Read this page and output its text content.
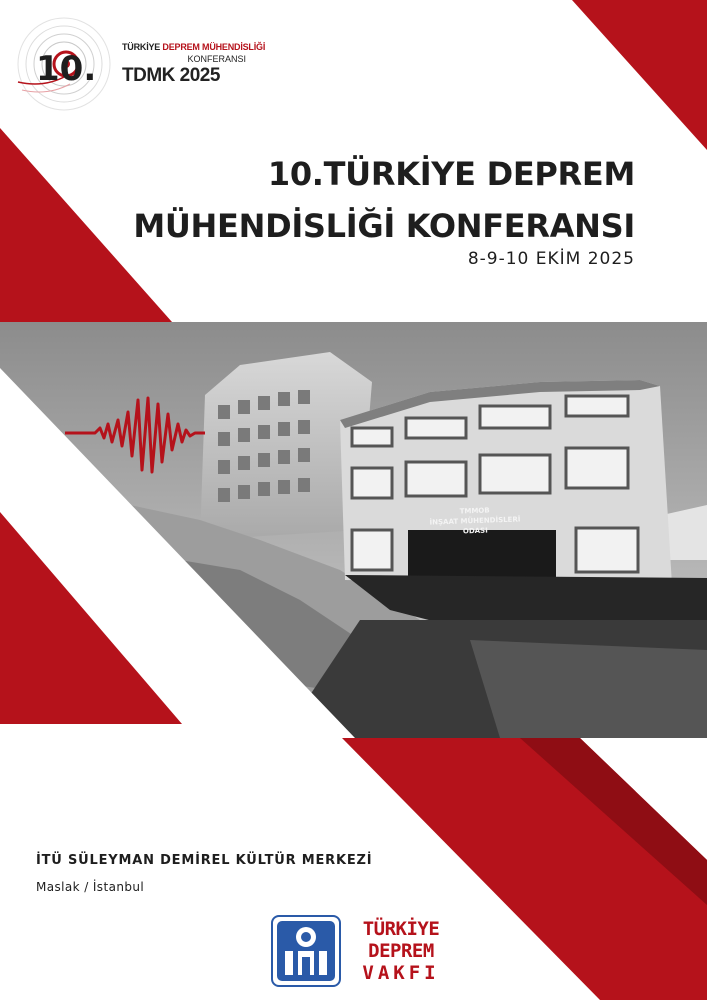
TMMOB
İNŞAAT MÜHENDİSLERİ ODASI
10.
TÜRKİYE DEPREM MÜHENDİSLİĞİ
KONFERANSI
TDMK 2025
10.TÜRKİYE DEPREM
MÜHENDİSLİĞİ KONFERANSI
8-9-10 EKİM 2025
İTÜ SÜLEYMAN DEMİREL KÜLTÜR MERKEZİ
Maslak / İstanbul
TÜRKİYE
DEPREM
VAKFI
